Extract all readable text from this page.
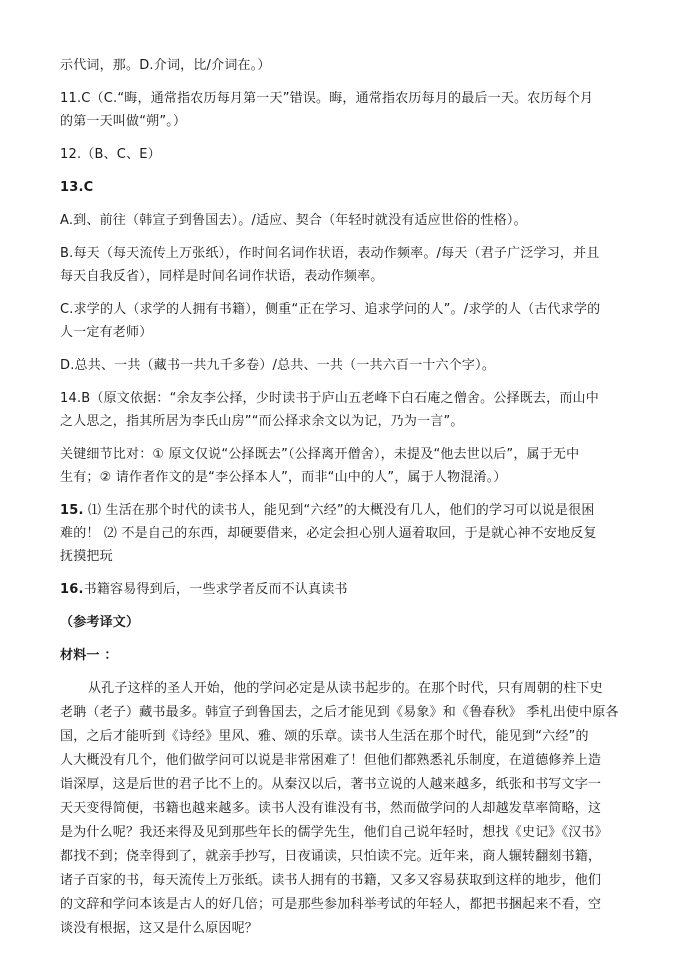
示代词，那。D.介词，比/介词在。）

11.C（C.“晦，通常指农历每月第一天”错误。晦，通常指农历每月的最后一天。农历每个月
的第一天叫做“朔”。）

12.（B、C、E）

13.C

A.到、前往（韩宣子到鲁国去）。/适应、契合（年轻时就没有适应世俗的性格）。

B.每天（每天流传上万张纸），作时间名词作状语，表动作频率。/每天（君子广泛学习，并且
每天自我反省），同样是时间名词作状语，表动作频率。

C.求学的人（求学的人拥有书籍），侧重“正在学习、追求学问的人”。/求学的人（古代求学的
人一定有老师）

D.总共、一共（藏书一共九千多卷）/总共、一共（一共六百一十六个字）。

14.B（原文依据：“余友李公择，少时读书于庐山五老峰下白石庵之僧舍。公择既去，而山中
之人思之，指其所居为李氏山房”“而公择求余文以为记，乃为一言”。

关键细节比对：① 原文仅说“公择既去”（公择离开僧舍），未提及“他去世以后”，属于无中
生有；② 请作者作文的是“李公择本人”，而非“山中的人”，属于人物混淆。）

15. ⑴ 生活在那个时代的读书人，能见到“六经”的大概没有几人，他们的学习可以说是很困
难的！ ⑵ 不是自己的东西，却硬要借来，必定会担心别人逼着取回，于是就心神不安地反复
抚摸把玩

16.书籍容易得到后，一些求学者反而不认真读书

（参考译文）

材料一 ：

从孔子这样的圣人开始，他的学问必定是从读书起步的。在那个时代，只有周朝的柱下史
老聃（老子）藏书最多。韩宣子到鲁国去，之后才能见到《易象》和《鲁春秋》 季札出使中原各
国，之后才能听到《诗经》里风、雅、颂的乐章。读书人生活在那个时代，能见到“六经”的
人大概没有几个，他们做学问可以说是非常困难了！但他们都熟悉礼乐制度，在道德修养上造
诣深厚，这是后世的君子比不上的。从秦汉以后，著书立说的人越来越多，纸张和书写文字一
天天变得简便，书籍也越来越多。读书人没有谁没有书，然而做学问的人却越发草率简略，这
是为什么呢？我还来得及见到那些年长的儒学先生，他们自己说年轻时，想找《史记》《汉书》
都找不到；侥幸得到了，就亲手抄写，日夜诵读，只怕读不完。近年来，商人辗转翻刻书籍，
诸子百家的书，每天流传上万张纸。读书人拥有的书籍，又多又容易获取到这样的地步，他们
的文辞和学问本该是古人的好几倍；可是那些参加科举考试的年轻人，都把书捆起来不看，空
谈没有根据，这又是什么原因呢？
